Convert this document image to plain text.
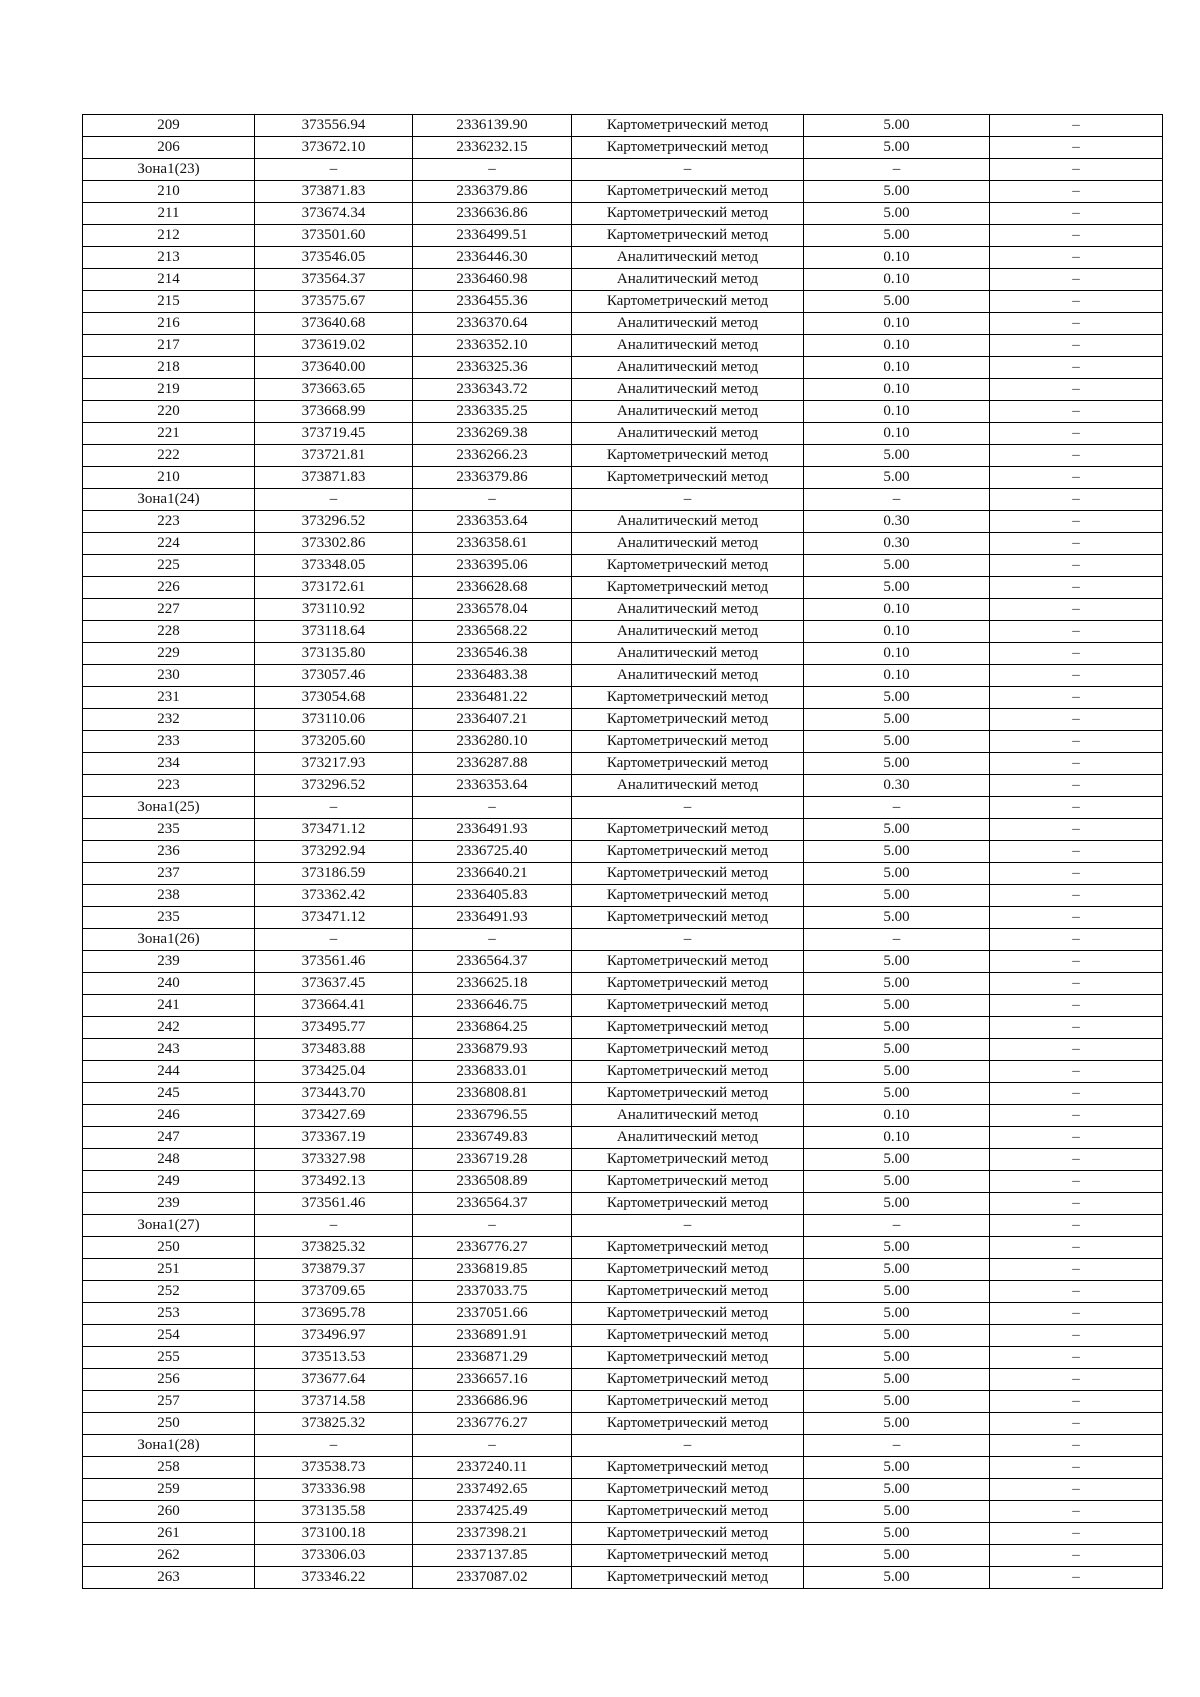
209	373556.94	2336139.90	Картометрический метод	5.00	–
206	373672.10	2336232.15	Картометрический метод	5.00	–
Зона1(23)	–	–	–	–	–
210	373871.83	2336379.86	Картометрический метод	5.00	–
211	373674.34	2336636.86	Картометрический метод	5.00	–
212	373501.60	2336499.51	Картометрический метод	5.00	–
213	373546.05	2336446.30	Аналитический метод	0.10	–
214	373564.37	2336460.98	Аналитический метод	0.10	–
215	373575.67	2336455.36	Картометрический метод	5.00	–
216	373640.68	2336370.64	Аналитический метод	0.10	–
217	373619.02	2336352.10	Аналитический метод	0.10	–
218	373640.00	2336325.36	Аналитический метод	0.10	–
219	373663.65	2336343.72	Аналитический метод	0.10	–
220	373668.99	2336335.25	Аналитический метод	0.10	–
221	373719.45	2336269.38	Аналитический метод	0.10	–
222	373721.81	2336266.23	Картометрический метод	5.00	–
210	373871.83	2336379.86	Картометрический метод	5.00	–
Зона1(24)	–	–	–	–	–
223	373296.52	2336353.64	Аналитический метод	0.30	–
224	373302.86	2336358.61	Аналитический метод	0.30	–
225	373348.05	2336395.06	Картометрический метод	5.00	–
226	373172.61	2336628.68	Картометрический метод	5.00	–
227	373110.92	2336578.04	Аналитический метод	0.10	–
228	373118.64	2336568.22	Аналитический метод	0.10	–
229	373135.80	2336546.38	Аналитический метод	0.10	–
230	373057.46	2336483.38	Аналитический метод	0.10	–
231	373054.68	2336481.22	Картометрический метод	5.00	–
232	373110.06	2336407.21	Картометрический метод	5.00	–
233	373205.60	2336280.10	Картометрический метод	5.00	–
234	373217.93	2336287.88	Картометрический метод	5.00	–
223	373296.52	2336353.64	Аналитический метод	0.30	–
Зона1(25)	–	–	–	–	–
235	373471.12	2336491.93	Картометрический метод	5.00	–
236	373292.94	2336725.40	Картометрический метод	5.00	–
237	373186.59	2336640.21	Картометрический метод	5.00	–
238	373362.42	2336405.83	Картометрический метод	5.00	–
235	373471.12	2336491.93	Картометрический метод	5.00	–
Зона1(26)	–	–	–	–	–
239	373561.46	2336564.37	Картометрический метод	5.00	–
240	373637.45	2336625.18	Картометрический метод	5.00	–
241	373664.41	2336646.75	Картометрический метод	5.00	–
242	373495.77	2336864.25	Картометрический метод	5.00	–
243	373483.88	2336879.93	Картометрический метод	5.00	–
244	373425.04	2336833.01	Картометрический метод	5.00	–
245	373443.70	2336808.81	Картометрический метод	5.00	–
246	373427.69	2336796.55	Аналитический метод	0.10	–
247	373367.19	2336749.83	Аналитический метод	0.10	–
248	373327.98	2336719.28	Картометрический метод	5.00	–
249	373492.13	2336508.89	Картометрический метод	5.00	–
239	373561.46	2336564.37	Картометрический метод	5.00	–
Зона1(27)	–	–	–	–	–
250	373825.32	2336776.27	Картометрический метод	5.00	–
251	373879.37	2336819.85	Картометрический метод	5.00	–
252	373709.65	2337033.75	Картометрический метод	5.00	–
253	373695.78	2337051.66	Картометрический метод	5.00	–
254	373496.97	2336891.91	Картометрический метод	5.00	–
255	373513.53	2336871.29	Картометрический метод	5.00	–
256	373677.64	2336657.16	Картометрический метод	5.00	–
257	373714.58	2336686.96	Картометрический метод	5.00	–
250	373825.32	2336776.27	Картометрический метод	5.00	–
Зона1(28)	–	–	–	–	–
258	373538.73	2337240.11	Картометрический метод	5.00	–
259	373336.98	2337492.65	Картометрический метод	5.00	–
260	373135.58	2337425.49	Картометрический метод	5.00	–
261	373100.18	2337398.21	Картометрический метод	5.00	–
262	373306.03	2337137.85	Картометрический метод	5.00	–
263	373346.22	2337087.02	Картометрический метод	5.00	–
